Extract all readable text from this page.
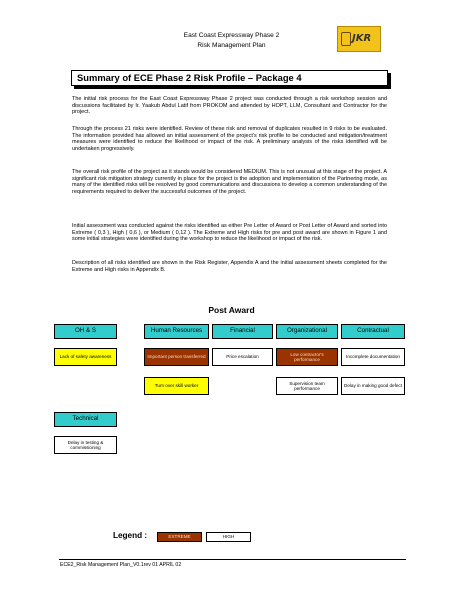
East Coast Expressway Phase 2
Risk Management Plan
JKR
Summary of ECE Phase 2 Risk Profile – Package 4
The initial risk process for the East Coast Expressway Phase 2 project was conducted through a risk workshop session and discussions facilitated by Ir. Yaakub Abdul Latif from PROKOM and attended by HOPT, LLM, Consultant and Contractor for the project.
Through the process 21 risks were identified. Review of these risk and removal of duplicates resulted in 9 risks to be evaluated. The information provided has allowed an initial assessment of the project's risk profile to be conducted and mitigation/treatment measures were identified to reduce the likelihood or impact of the risk. A preliminary analysis of the risks identified will be undertaken progressively.
The overall risk profile of the project as it stands would be considered MEDIUM. This is not unusual at this stage of the project. A significant risk mitigation strategy currently in place for the project is the adoption and implementation of the Partnering mode, as many of the identified risks will be resolved by good communications and discussions to develop a common understanding of the requirements required to deliver the successful outcomes of the project.
Initial assessment was conducted against the risks identified as either Pre Letter of Award or Post Letter of Award and sorted into Extreme ( 0,3 ), High ( 0,6 ), or Medium ( 0,12 ). The Extreme and High risks for pre and post award are shown in Figure 1 and some initial strategies were identified during the workshop to reduce the likelihood or impact of the risk.
Description of all risks identified are shown in the Risk Register, Appendix A and the initial assessment sheets completed for the Extreme and High risks in Appendix B.
Post Award
OH & S	Human Resources	Financial	Organizational	Contractual
Lack of safety awareness	Important person transferred	Price escalation
Low contractor's performance
Incomplete documentation
Turn over skill worker
Supervision team performance
Delay in making good defect
Technical
Delay in testing & commissioning
Legend :	EXTREME	HIGH
ECE2_Risk Management Plan_V0.1rev 01 APRIL 02
